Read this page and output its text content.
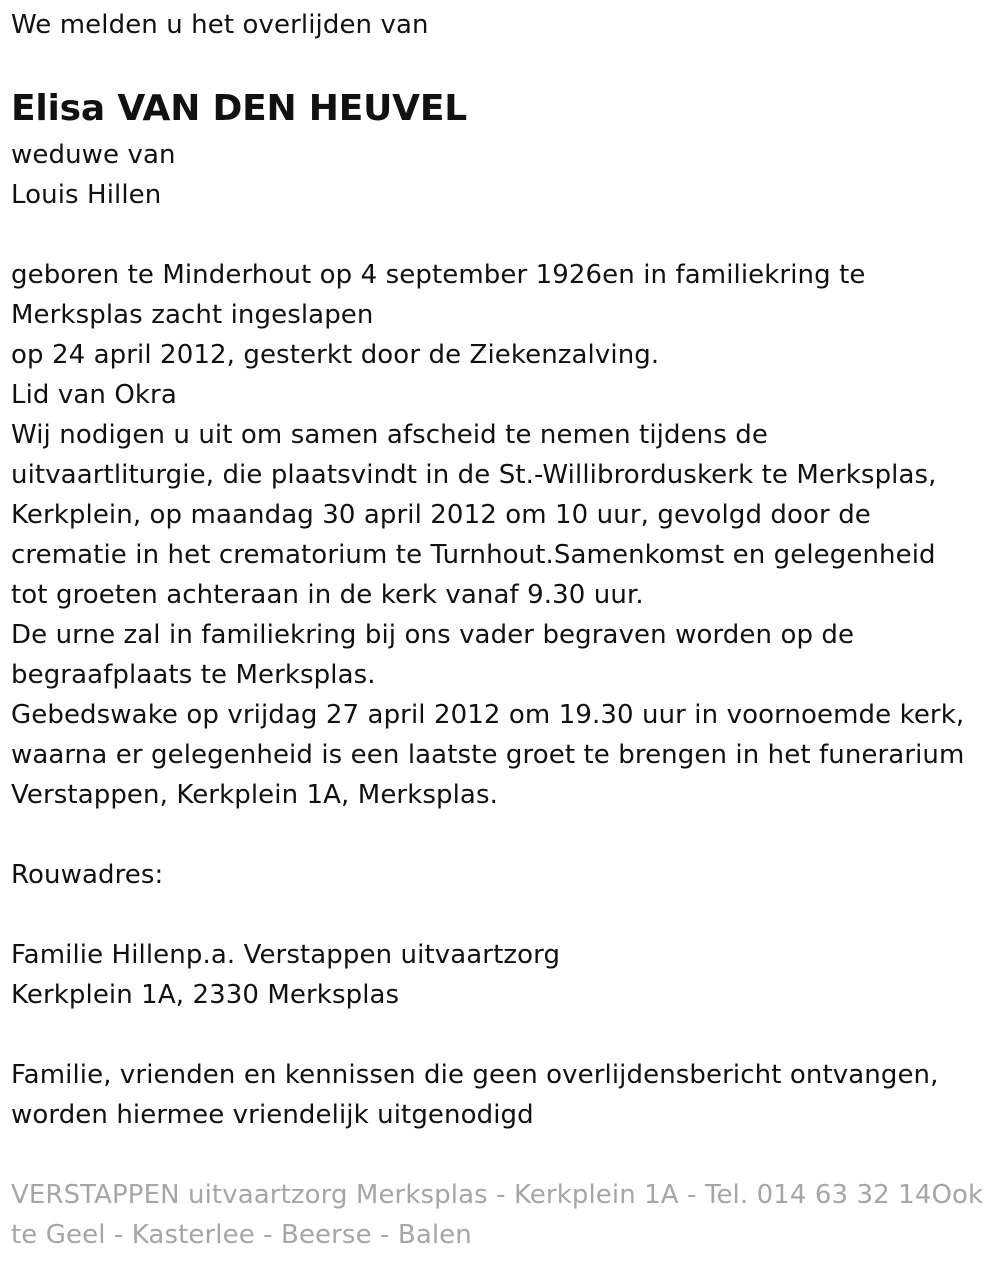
We melden u het overlijden van
Elisa VAN DEN HEUVEL
weduwe van
Louis Hillen
geboren te Minderhout op 4 september 1926en in familiekring te
Merksplas zacht ingeslapen
op 24 april 2012, gesterkt door de Ziekenzalving.
Lid van Okra
Wij nodigen u uit om samen afscheid te nemen tijdens de
uitvaartliturgie, die plaatsvindt in de St.-Willibrorduskerk te Merksplas,
Kerkplein, op maandag 30 april 2012 om 10 uur, gevolgd door de
crematie in het crematorium te Turnhout.Samenkomst en gelegenheid
tot groeten achteraan in de kerk vanaf 9.30 uur.
De urne zal in familiekring bij ons vader begraven worden op de
begraafplaats te Merksplas.
Gebedswake op vrijdag 27 april 2012 om 19.30 uur in voornoemde kerk,
waarna er gelegenheid is een laatste groet te brengen in het funerarium
Verstappen, Kerkplein 1A, Merksplas.
Rouwadres:
Familie Hillenp.a. Verstappen uitvaartzorg
Kerkplein 1A, 2330 Merksplas
Familie, vrienden en kennissen die geen overlijdensbericht ontvangen,
worden hiermee vriendelijk uitgenodigd
VERSTAPPEN uitvaartzorg Merksplas - Kerkplein 1A - Tel. 014 63 32 14Ook
te Geel - Kasterlee - Beerse - Balen
